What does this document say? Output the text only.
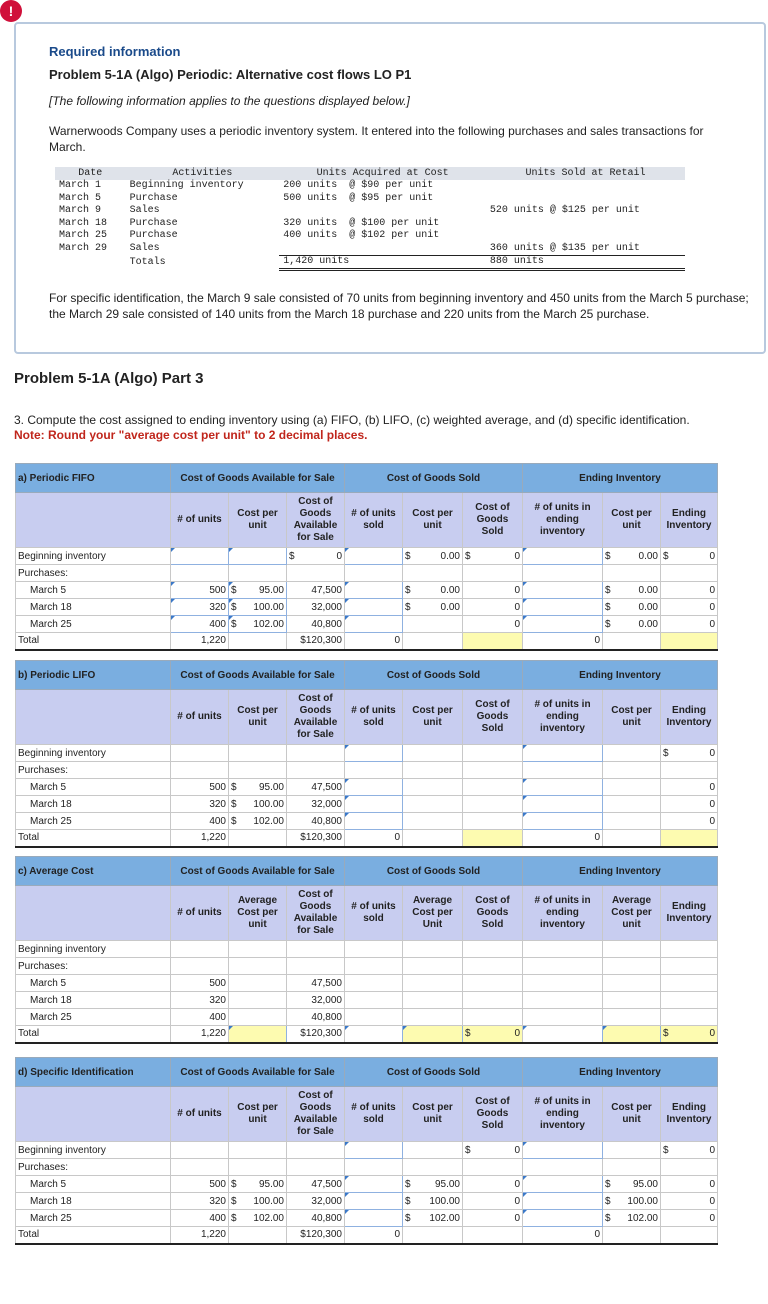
!
Required information
Problem 5-1A (Algo) Periodic: Alternative cost flows LO P1
[The following information applies to the questions displayed below.]
Warnerwoods Company uses a periodic inventory system. It entered into the following purchases and sales transactions for March.
Date	Activities	Units Acquired at Cost	Units Sold at Retail
March 1	Beginning inventory	200 units  @ $90 per unit	
March 5	Purchase	500 units  @ $95 per unit	
March 9	Sales		520 units @ $125 per unit
March 18	Purchase	320 units  @ $100 per unit	
March 25	Purchase	400 units  @ $102 per unit	
March 29	Sales		360 units @ $135 per unit
	Totals	1,420 units	880 units
For specific identification, the March 9 sale consisted of 70 units from beginning inventory and 450 units from the March 5 purchase; the March 29 sale consisted of 140 units from the March 18 purchase and 220 units from the March 25 purchase.
Problem 5-1A (Algo) Part 3
3. Compute the cost assigned to ending inventory using (a) FIFO, (b) LIFO, (c) weighted average, and (d) specific identification.
Note: Round your "average cost per unit" to 2 decimal places.
a) Periodic FIFO	Cost of Goods Available for Sale			Cost of Goods Sold			Ending Inventory		
	# of units	Cost per unit	Cost of Goods Available for Sale	# of units sold	Cost per unit	Cost of Goods Sold	# of units in ending inventory	Cost per unit	Ending Inventory
Beginning inventory			$ 0		$ 0.00	$ 0		$ 0.00	$ 0
Purchases:									
March 5	500	$ 95.00	47,500		$ 0.00	0		$ 0.00	0
March 18	320	$ 100.00	32,000		$ 0.00	0		$ 0.00	0
March 25	400	$ 102.00	40,800			0		$ 0.00	0
Total	1,220		$120,300	0			0		
b) Periodic LIFO	Cost of Goods Available for Sale			Cost of Goods Sold			Ending Inventory		
	# of units	Cost per unit	Cost of Goods Available for Sale	# of units sold	Cost per unit	Cost of Goods Sold	# of units in ending inventory	Cost per unit	Ending Inventory
Beginning inventory									$ 0
Purchases:									
March 5	500	$ 95.00	47,500						0
March 18	320	$ 100.00	32,000						0
March 25	400	$ 102.00	40,800						0
Total	1,220		$120,300	0			0		
c) Average Cost	Cost of Goods Available for Sale			Cost of Goods Sold			Ending Inventory		
	# of units	Average Cost per unit	Cost of Goods Available for Sale	# of units sold	Average Cost per Unit	Cost of Goods Sold	# of units in ending inventory	Average Cost per unit	Ending Inventory
Beginning inventory									
Purchases:									
March 5	500		47,500						
March 18	320		32,000						
March 25	400		40,800						
Total	1,220		$120,300			$ 0			$ 0
d) Specific Identification	Cost of Goods Available for Sale			Cost of Goods Sold			Ending Inventory		
	# of units	Cost per unit	Cost of Goods Available for Sale	# of units sold	Cost per unit	Cost of Goods Sold	# of units in ending inventory	Cost per unit	Ending Inventory
Beginning inventory						$ 0			$ 0
Purchases:									
March 5	500	$ 95.00	47,500		$ 95.00	0		$ 95.00	0
March 18	320	$ 100.00	32,000		$ 100.00	0		$ 100.00	0
March 25	400	$ 102.00	40,800		$ 102.00	0		$ 102.00	0
Total	1,220		$120,300	0			0		
